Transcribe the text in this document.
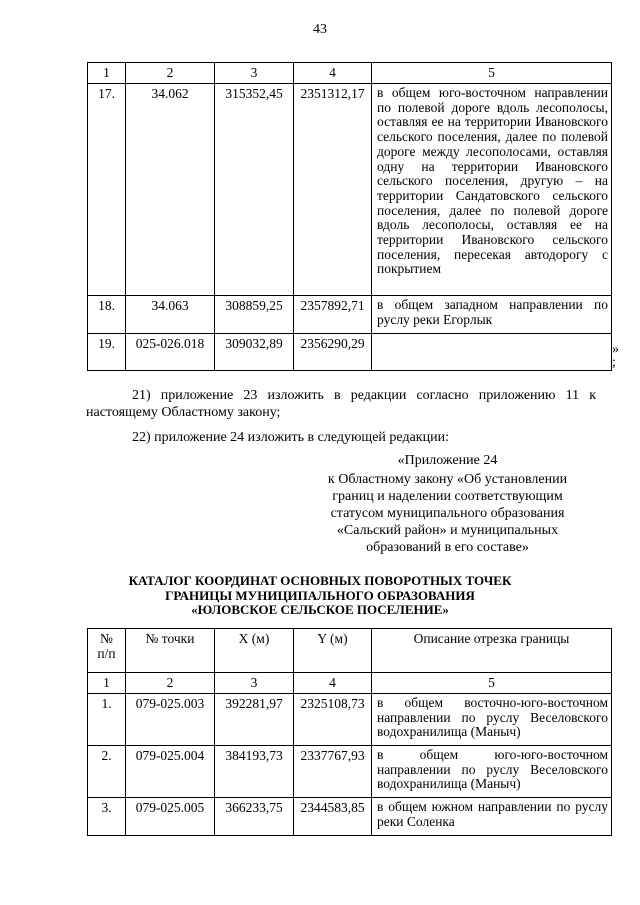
43
1	2	3	4	5
17.	34.062	315352,45	2351312,17	в общем юго-восточном направлении по полевой дороге вдоль лесополосы, оставляя ее на территории Ивановского сельского поселения, далее по полевой дороге между лесополосами, оставляя одну на территории Ивановского сельского поселения, другую – на территории Сандатовского сельского поселения, далее по полевой дороге вдоль лесополосы, оставляя ее на территории Ивановского сельского поселения, пересекая автодорогу с покрытием
18.	34.063	308859,25	2357892,71	в общем западном направлении по руслу реки Егорлык
19.	025-026.018	309032,89	2356290,29		»
;
21) приложение 23 изложить в редакции согласно приложению 11 к настоящему Областному закону;
22) приложение 24 изложить в следующей редакции:
«Приложение 24
к Областному закону «Об установлении границ и наделении соответствующим статусом муниципального образования «Сальский район» и муниципальных образований в его составе»
КАТАЛОГ КООРДИНАТ ОСНОВНЫХ ПОВОРОТНЫХ ТОЧЕК
ГРАНИЦЫ МУНИЦИПАЛЬНОГО ОБРАЗОВАНИЯ
«ЮЛОВСКОЕ СЕЛЬСКОЕ ПОСЕЛЕНИЕ»
№
п/п	№ точки	X (м)	Y (м)	Описание отрезка границы
1	2	3	4	5
1.	079-025.003	392281,97	2325108,73	в общем восточно-юго-восточном направлении по руслу Веселовского водохранилища (Маныч)
2.	079-025.004	384193,73	2337767,93	в общем юго-юго-восточном направлении по руслу Веселовского водохранилища (Маныч)
3.	079-025.005	366233,75	2344583,85	в общем южном направлении по руслу реки Соленка
